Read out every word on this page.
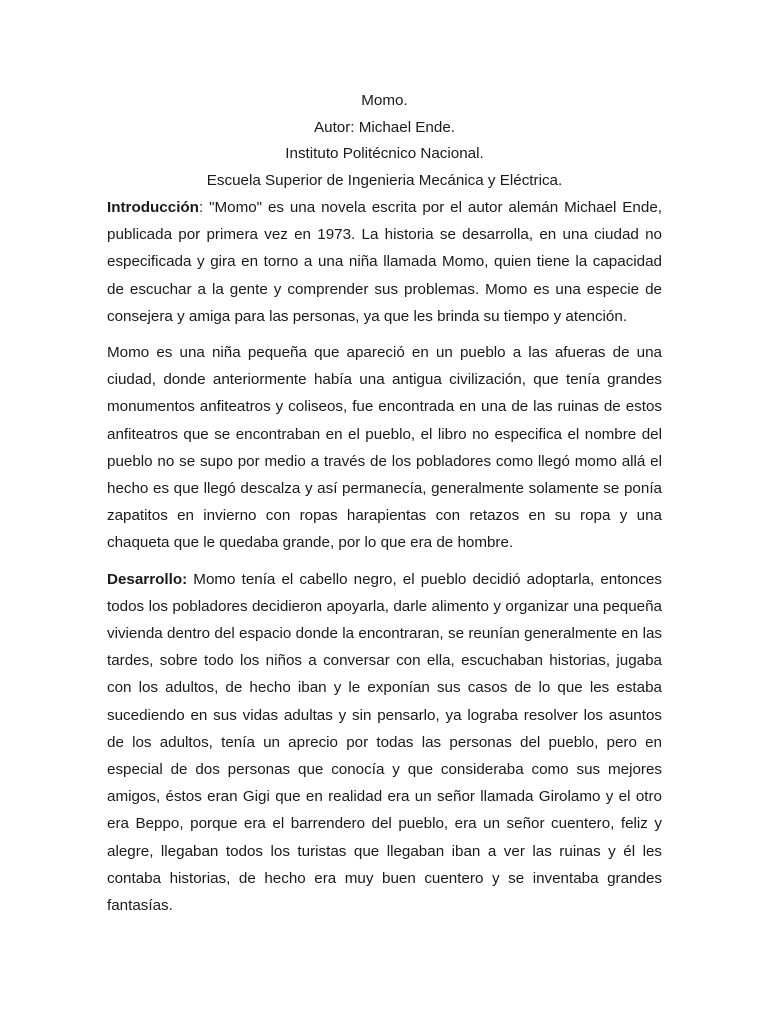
Momo.

Autor: Michael Ende.

Instituto Politécnico Nacional.

Escuela Superior de Ingenieria Mecánica y Eléctrica.

Introducción: "Momo" es una novela escrita por el autor alemán Michael Ende, publicada por primera vez en 1973. La historia se desarrolla, en una ciudad no especificada y gira en torno a una niña llamada Momo, quien tiene la capacidad de escuchar a la gente y comprender sus problemas. Momo es una especie de consejera y amiga para las personas, ya que les brinda su tiempo y atención.

Momo es una niña pequeña que apareció en un pueblo a las afueras de una ciudad, donde anteriormente había una antigua civilización, que tenía grandes monumentos anfiteatros y coliseos, fue encontrada en una de las ruinas de estos anfiteatros que se encontraban en el pueblo, el libro no especifica el nombre del pueblo no se supo por medio a través de los pobladores como llegó momo allá el hecho es que llegó descalza y así permanecía, generalmente solamente se ponía zapatitos en invierno con ropas harapientas con retazos en su ropa y una chaqueta que le quedaba grande, por lo que era de hombre.

Desarrollo: Momo tenía el cabello negro, el pueblo decidió adoptarla, entonces todos los pobladores decidieron apoyarla, darle alimento y organizar una pequeña vivienda dentro del espacio donde la encontraran, se reunían generalmente en las tardes, sobre todo los niños a conversar con ella, escuchaban historias, jugaba con los adultos, de hecho iban y le exponían sus casos de lo que les estaba sucediendo en sus vidas adultas y sin pensarlo, ya lograba resolver los asuntos de los adultos, tenía un aprecio por todas las personas del pueblo, pero en especial de dos personas que conocía y que consideraba como sus mejores amigos, éstos eran Gigi que en realidad era un señor llamada Girolamo y el otro era Beppo, porque era el barrendero del pueblo, era un señor cuentero, feliz y alegre, llegaban todos los turistas que llegaban iban a ver las ruinas y él les contaba historias, de hecho era muy buen cuentero y se inventaba grandes fantasías.
